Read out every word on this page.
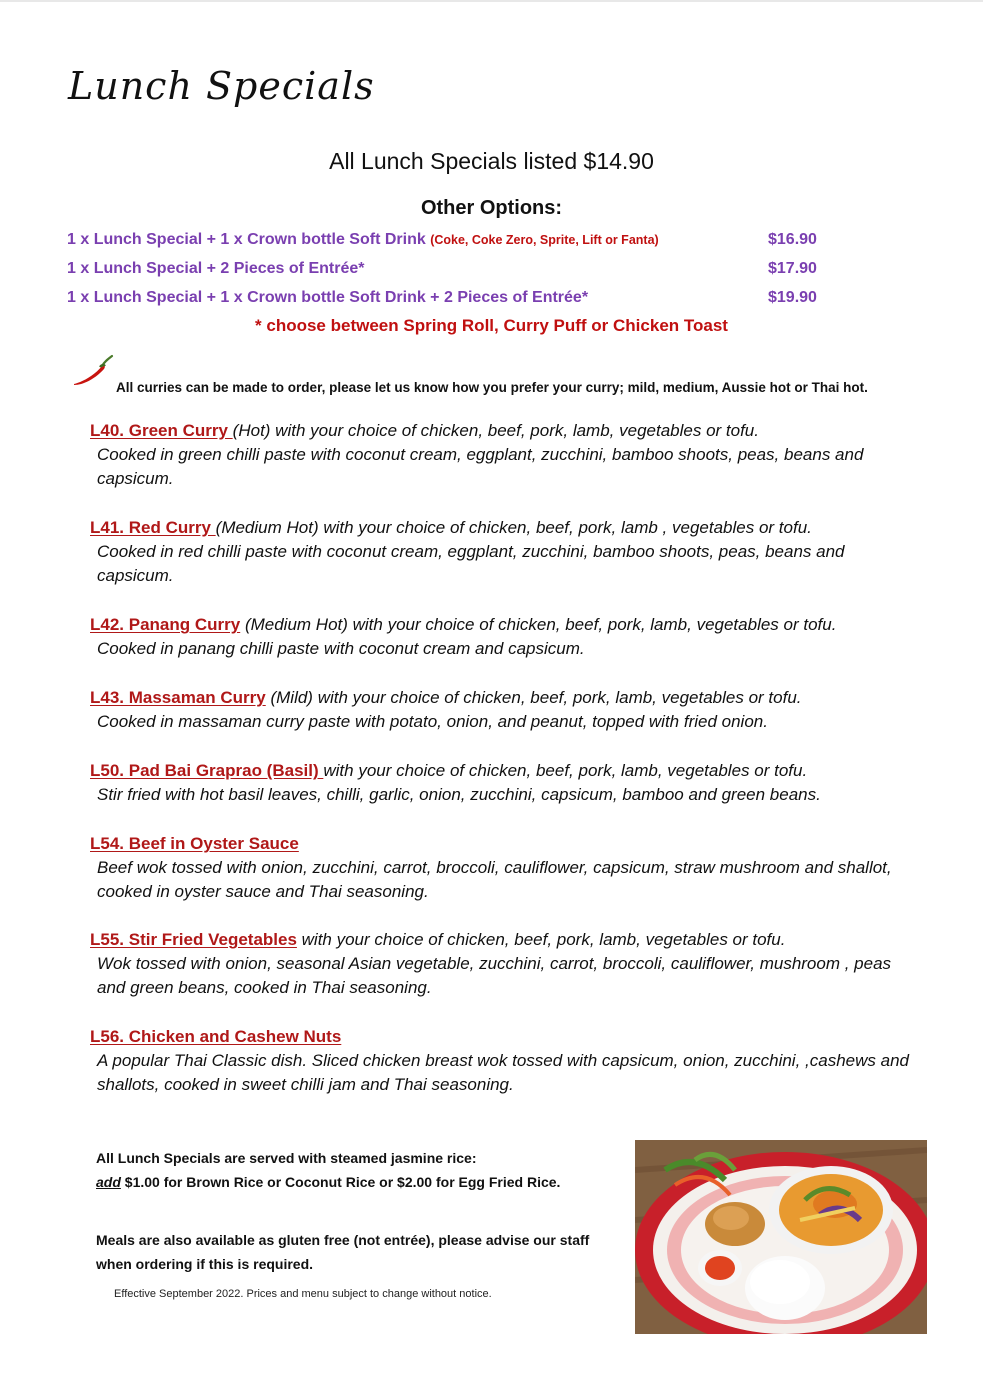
Lunch Specials
All Lunch Specials listed $14.90
Other Options:
1 x Lunch Special + 1 x Crown bottle Soft Drink (Coke, Coke Zero, Sprite, Lift or Fanta)	$16.90
1 x Lunch Special + 2 Pieces of Entrée*	$17.90
1 x Lunch Special + 1 x Crown bottle Soft Drink + 2 Pieces of Entrée*	$19.90
* choose between Spring Roll, Curry Puff or Chicken Toast
All curries can be made to order, please let us know how you prefer your curry; mild, medium, Aussie hot or Thai hot.
L40. Green Curry (Hot) with your choice of chicken, beef, pork, lamb, vegetables or tofu.
Cooked in green chilli paste with coconut cream, eggplant, zucchini, bamboo shoots, peas, beans and capsicum.
L41. Red Curry (Medium Hot) with your choice of chicken, beef, pork, lamb , vegetables or tofu.
Cooked in red chilli paste with coconut cream, eggplant, zucchini, bamboo shoots, peas, beans and capsicum.
L42. Panang Curry (Medium Hot) with your choice of chicken, beef, pork, lamb, vegetables or tofu.
Cooked in panang chilli paste with coconut cream and capsicum.
L43. Massaman Curry (Mild) with your choice of chicken, beef, pork, lamb, vegetables or tofu.
Cooked in massaman curry paste with potato, onion, and peanut, topped with fried onion.
L50. Pad Bai Graprao (Basil) with your choice of chicken, beef, pork, lamb, vegetables or tofu.
Stir fried with hot basil leaves, chilli, garlic, onion, zucchini, capsicum, bamboo and green beans.
L54. Beef in Oyster Sauce
Beef wok tossed with onion, zucchini, carrot, broccoli, cauliflower, capsicum, straw mushroom and shallot, cooked in oyster sauce and Thai seasoning.
L55. Stir Fried Vegetables with your choice of chicken, beef, pork, lamb, vegetables or tofu.
Wok tossed with onion, seasonal Asian vegetable, zucchini, carrot, broccoli, cauliflower, mushroom , peas and green beans, cooked in Thai seasoning.
L56. Chicken and Cashew Nuts
A popular Thai Classic dish. Sliced chicken breast wok tossed with capsicum, onion, zucchini, ,cashews and shallots, cooked in sweet chilli jam and Thai seasoning.
All Lunch Specials are served with steamed jasmine rice:
add $1.00 for Brown Rice or Coconut Rice or $2.00 for Egg Fried Rice.
Meals are also available as gluten free (not entrée), please advise our staff
when ordering if this is required.
Effective September 2022. Prices and menu subject to change without notice.
